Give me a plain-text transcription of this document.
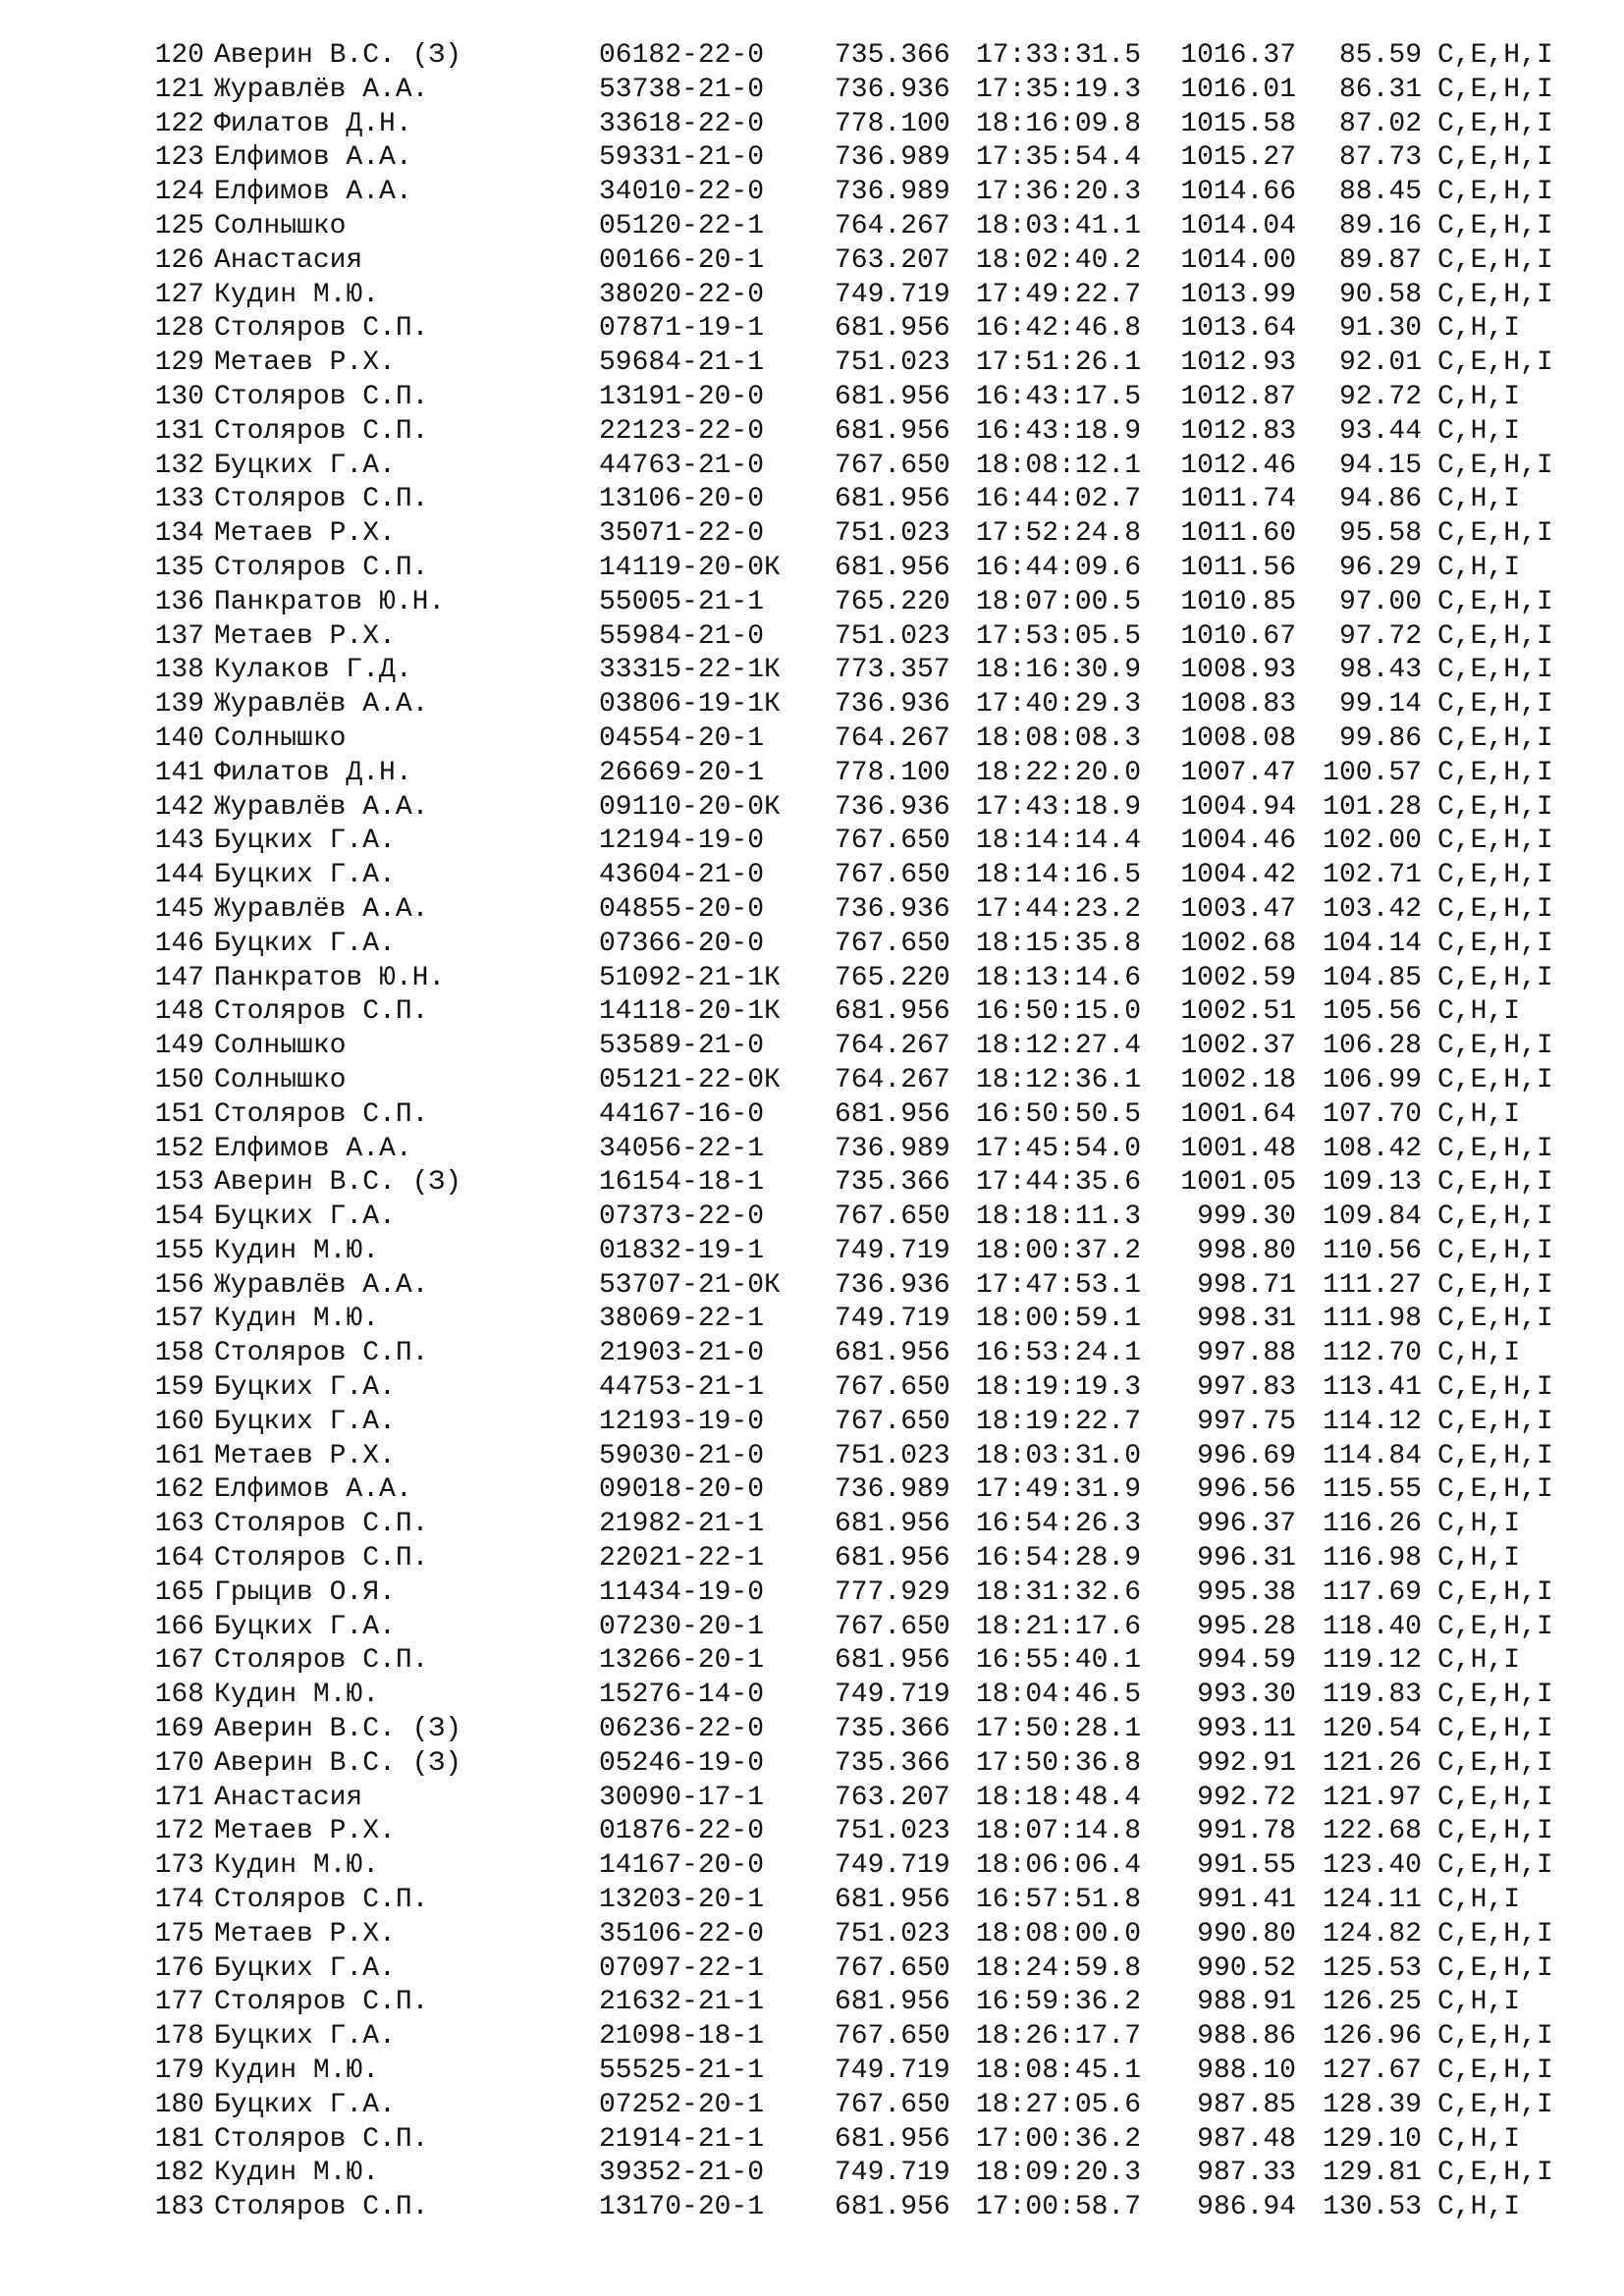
120 Аверин В.С. (З)	06182-22-0	735.366 17:33:31.5 1016.37	85.59 C,E,H,I
121 Журавлёв А.А.	53738-21-0	736.936 17:35:19.3 1016.01	86.31 C,E,H,I
122 Филатов Д.Н.	33618-22-0	778.100 18:16:09.8 1015.58	87.02 C,E,H,I
123 Елфимов А.А.	59331-21-0	736.989 17:35:54.4 1015.27	87.73 C,E,H,I
124 Елфимов А.А.	34010-22-0	736.989 17:36:20.3 1014.66	88.45 C,E,H,I
125 Солнышко	05120-22-1	764.267 18:03:41.1 1014.04	89.16 C,E,H,I
126 Анастасия	00166-20-1	763.207 18:02:40.2 1014.00	89.87 C,E,H,I
127 Кудин М.Ю.	38020-22-0	749.719 17:49:22.7 1013.99	90.58 C,E,H,I
128 Столяров С.П.	07871-19-1	681.956 16:42:46.8 1013.64	91.30 C,H,I
129 Метаев Р.Х.	59684-21-1	751.023 17:51:26.1 1012.93	92.01 C,E,H,I
130 Столяров С.П.	13191-20-0	681.956 16:43:17.5 1012.87	92.72 C,H,I
131 Столяров С.П.	22123-22-0	681.956 16:43:18.9 1012.83	93.44 C,H,I
132 Буцких Г.А.	44763-21-0	767.650 18:08:12.1 1012.46	94.15 C,E,H,I
133 Столяров С.П.	13106-20-0	681.956 16:44:02.7 1011.74	94.86 C,H,I
134 Метаев Р.Х.	35071-22-0	751.023 17:52:24.8 1011.60	95.58 C,E,H,I
135 Столяров С.П.	14119-20-0К 681.956 16:44:09.6 1011.56	96.29 C,H,I
136 Панкратов Ю.Н.	55005-21-1	765.220 18:07:00.5 1010.85	97.00 C,E,H,I
137 Метаев Р.Х.	55984-21-0	751.023 17:53:05.5 1010.67	97.72 C,E,H,I
138 Кулаков Г.Д.	33315-22-1К 773.357 18:16:30.9 1008.93	98.43 C,E,H,I
139 Журавлёв А.А.	03806-19-1К 736.936 17:40:29.3 1008.83	99.14 C,E,H,I
140 Солнышко	04554-20-1	764.267 18:08:08.3 1008.08	99.86 C,E,H,I
141 Филатов Д.Н.	26669-20-1	778.100 18:22:20.0 1007.47 100.57 C,E,H,I
142 Журавлёв А.А.	09110-20-0К 736.936 17:43:18.9 1004.94 101.28 C,E,H,I
143 Буцких Г.А.	12194-19-0	767.650 18:14:14.4 1004.46 102.00 C,E,H,I
144 Буцких Г.А.	43604-21-0	767.650 18:14:16.5 1004.42 102.71 C,E,H,I
145 Журавлёв А.А.	04855-20-0	736.936 17:44:23.2 1003.47 103.42 C,E,H,I
146 Буцких Г.А.	07366-20-0	767.650 18:15:35.8 1002.68 104.14 C,E,H,I
147 Панкратов Ю.Н.	51092-21-1К 765.220 18:13:14.6 1002.59 104.85 C,E,H,I
148 Столяров С.П.	14118-20-1К 681.956 16:50:15.0 1002.51 105.56 C,H,I
149 Солнышко	53589-21-0	764.267 18:12:27.4 1002.37 106.28 C,E,H,I
150 Солнышко	05121-22-0К 764.267 18:12:36.1 1002.18 106.99 C,E,H,I
151 Столяров С.П.	44167-16-0	681.956 16:50:50.5 1001.64 107.70 C,H,I
152 Елфимов А.А.	34056-22-1	736.989 17:45:54.0 1001.48 108.42 C,E,H,I
153 Аверин В.С. (З)	16154-18-1	735.366 17:44:35.6 1001.05 109.13 C,E,H,I
154 Буцких Г.А.	07373-22-0	767.650 18:18:11.3	999.30 109.84 C,E,H,I
155 Кудин М.Ю.	01832-19-1	749.719 18:00:37.2	998.80 110.56 C,E,H,I
156 Журавлёв А.А.	53707-21-0К 736.936 17:47:53.1	998.71 111.27 C,E,H,I
157 Кудин М.Ю.	38069-22-1	749.719 18:00:59.1	998.31 111.98 C,E,H,I
158 Столяров С.П.	21903-21-0	681.956 16:53:24.1	997.88 112.70 C,H,I
159 Буцких Г.А.	44753-21-1	767.650 18:19:19.3	997.83 113.41 C,E,H,I
160 Буцких Г.А.	12193-19-0	767.650 18:19:22.7	997.75 114.12 C,E,H,I
161 Метаев Р.Х.	59030-21-0	751.023 18:03:31.0	996.69 114.84 C,E,H,I
162 Елфимов А.А.	09018-20-0	736.989 17:49:31.9	996.56 115.55 C,E,H,I
163 Столяров С.П.	21982-21-1	681.956 16:54:26.3	996.37 116.26 C,H,I
164 Столяров С.П.	22021-22-1	681.956 16:54:28.9	996.31 116.98 C,H,I
165 Грыцив О.Я.	11434-19-0	777.929 18:31:32.6	995.38 117.69 C,E,H,I
166 Буцких Г.А.	07230-20-1	767.650 18:21:17.6	995.28 118.40 C,E,H,I
167 Столяров С.П.	13266-20-1	681.956 16:55:40.1	994.59 119.12 C,H,I
168 Кудин М.Ю.	15276-14-0	749.719 18:04:46.5	993.30 119.83 C,E,H,I
169 Аверин В.С. (З)	06236-22-0	735.366 17:50:28.1	993.11 120.54 C,E,H,I
170 Аверин В.С. (З)	05246-19-0	735.366 17:50:36.8	992.91 121.26 C,E,H,I
171 Анастасия	30090-17-1	763.207 18:18:48.4	992.72 121.97 C,E,H,I
172 Метаев Р.Х.	01876-22-0	751.023 18:07:14.8	991.78 122.68 C,E,H,I
173 Кудин М.Ю.	14167-20-0	749.719 18:06:06.4	991.55 123.40 C,E,H,I
174 Столяров С.П.	13203-20-1	681.956 16:57:51.8	991.41 124.11 C,H,I
175 Метаев Р.Х.	35106-22-0	751.023 18:08:00.0	990.80 124.82 C,E,H,I
176 Буцких Г.А.	07097-22-1	767.650 18:24:59.8	990.52 125.53 C,E,H,I
177 Столяров С.П.	21632-21-1	681.956 16:59:36.2	988.91 126.25 C,H,I
178 Буцких Г.А.	21098-18-1	767.650 18:26:17.7	988.86 126.96 C,E,H,I
179 Кудин М.Ю.	55525-21-1	749.719 18:08:45.1	988.10 127.67 C,E,H,I
180 Буцких Г.А.	07252-20-1	767.650 18:27:05.6	987.85 128.39 C,E,H,I
181 Столяров С.П.	21914-21-1	681.956 17:00:36.2	987.48 129.10 C,H,I
182 Кудин М.Ю.	39352-21-0	749.719 18:09:20.3	987.33 129.81 C,E,H,I
183 Столяров С.П.	13170-20-1	681.956 17:00:58.7	986.94 130.53 C,H,I
